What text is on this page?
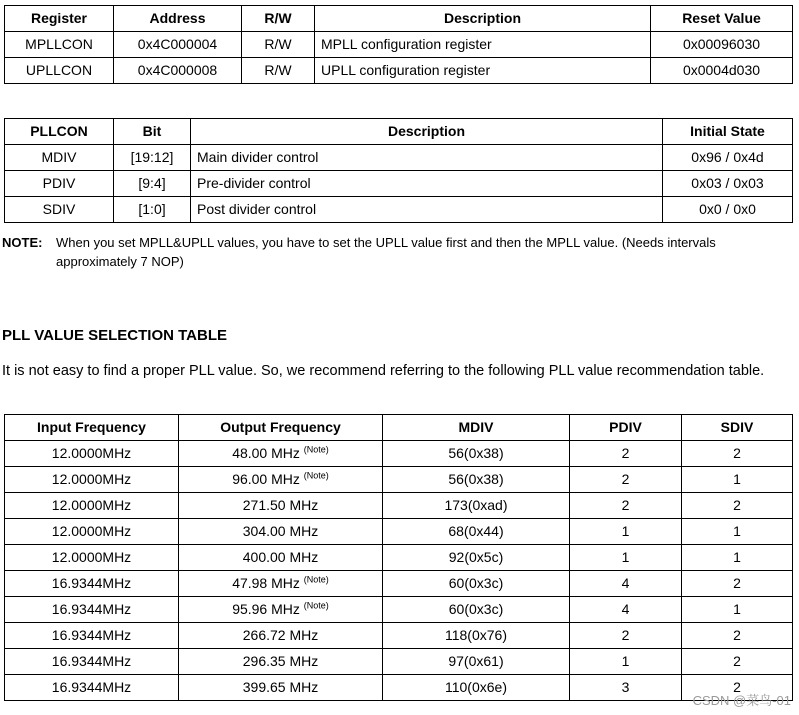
Register	Address	R/W	Description	Reset Value
MPLLCON	0x4C000004	R/W	MPLL configuration register	0x00096030
UPLLCON	0x4C000008	R/W	UPLL configuration register	0x0004d030
PLLCON	Bit	Description	Initial State
MDIV	[19:12]	Main divider control	0x96 / 0x4d
PDIV	[9:4]	Pre-divider control	0x03 / 0x03
SDIV	[1:0]	Post divider control	0x0 / 0x0
NOTE: When you set MPLL&UPLL values, you have to set the UPLL value first and then the MPLL value. (Needs intervals approximately 7 NOP)
PLL VALUE SELECTION TABLE
It is not easy to find a proper PLL value. So, we recommend referring to the following PLL value recommendation table.
Input Frequency	Output Frequency	MDIV	PDIV	SDIV
12.0000MHz	48.00 MHz $^{(Note)}$	56(0x38)	2	2
12.0000MHz	96.00 MHz $^{(Note)}$	56(0x38)	2	1
12.0000MHz	271.50 MHz	173(0xad)	2	2
12.0000MHz	304.00 MHz	68(0x44)	1	1
12.0000MHz	400.00 MHz	92(0x5c)	1	1
16.9344MHz	47.98 MHz $^{(Note)}$	60(0x3c)	4	2
16.9344MHz	95.96 MHz $^{(Note)}$	60(0x3c)	4	1
16.9344MHz	266.72 MHz	118(0x76)	2	2
16.9344MHz	296.35 MHz	97(0x61)	1	2
16.9344MHz	399.65 MHz	110(0x6e)	3	2
CSDN @菜鸟-01
